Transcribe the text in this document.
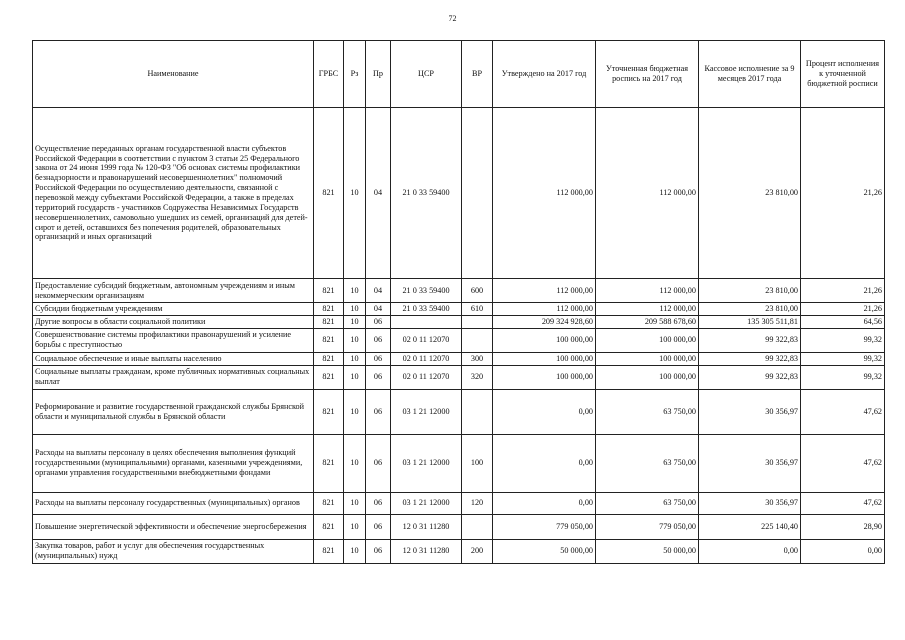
72
Наименование	ГРБС	Рз	Пр	ЦСР	ВР	Утверждено на 2017 год	Уточненная бюджетная роспись на 2017 год	Кассовое исполнение за 9 месяцев 2017 года	Процент исполнения к уточненной бюджетной росписи
Осуществление переданных органам государственной власти субъектов Российской Федерации в соответствии с пунктом 3 статьи 25 Федерального закона от 24 июня 1999 года № 120-ФЗ "Об основах системы профилактики безнадзорности и правонарушений несовершеннолетних" полномочий Российской Федерации по осуществлению деятельности, связанной с перевозкой между субъектами Российской Федерации, а также в пределах территорий государств - участников Содружества Независимых Государств несовершеннолетних, самовольно ушедших из семей, организаций для детей-сирот и детей, оставшихся без попечения родителей, образовательных организаций и иных организаций	821	10	04	21 0 33 59400		112 000,00	112 000,00	23 810,00	21,26
Предоставление субсидий бюджетным, автономным учреждениям и иным некоммерческим организациям	821	10	04	21 0 33 59400	600	112 000,00	112 000,00	23 810,00	21,26
Субсидии бюджетным учреждениям	821	10	04	21 0 33 59400	610	112 000,00	112 000,00	23 810,00	21,26
Другие вопросы в области социальной политики	821	10	06			209 324 928,60	209 588 678,60	135 305 511,81	64,56
Совершенствование системы профилактики правонарушений и усиление борьбы с преступностью	821	10	06	02 0 11 12070		100 000,00	100 000,00	99 322,83	99,32
Социальное обеспечение и иные выплаты населению	821	10	06	02 0 11 12070	300	100 000,00	100 000,00	99 322,83	99,32
Социальные выплаты гражданам, кроме публичных нормативных социальных выплат	821	10	06	02 0 11 12070	320	100 000,00	100 000,00	99 322,83	99,32
Реформирование и развитие государственной гражданской службы Брянской области и муниципальной службы в Брянской области	821	10	06	03 1 21 12000		0,00	63 750,00	30 356,97	47,62
Расходы на выплаты персоналу в целях обеспечения выполнения функций государственными (муниципальными) органами, казенными учреждениями, органами управления государственными внебюджетными фондами	821	10	06	03 1 21 12000	100	0,00	63 750,00	30 356,97	47,62
Расходы на выплаты персоналу государственных (муниципальных) органов	821	10	06	03 1 21 12000	120	0,00	63 750,00	30 356,97	47,62
Повышение энергетической эффективности и обеспечение энергосбережения	821	10	06	12 0 31 11280		779 050,00	779 050,00	225 140,40	28,90
Закупка товаров, работ и услуг для обеспечения государственных (муниципальных) нужд	821	10	06	12 0 31 11280	200	50 000,00	50 000,00	0,00	0,00
